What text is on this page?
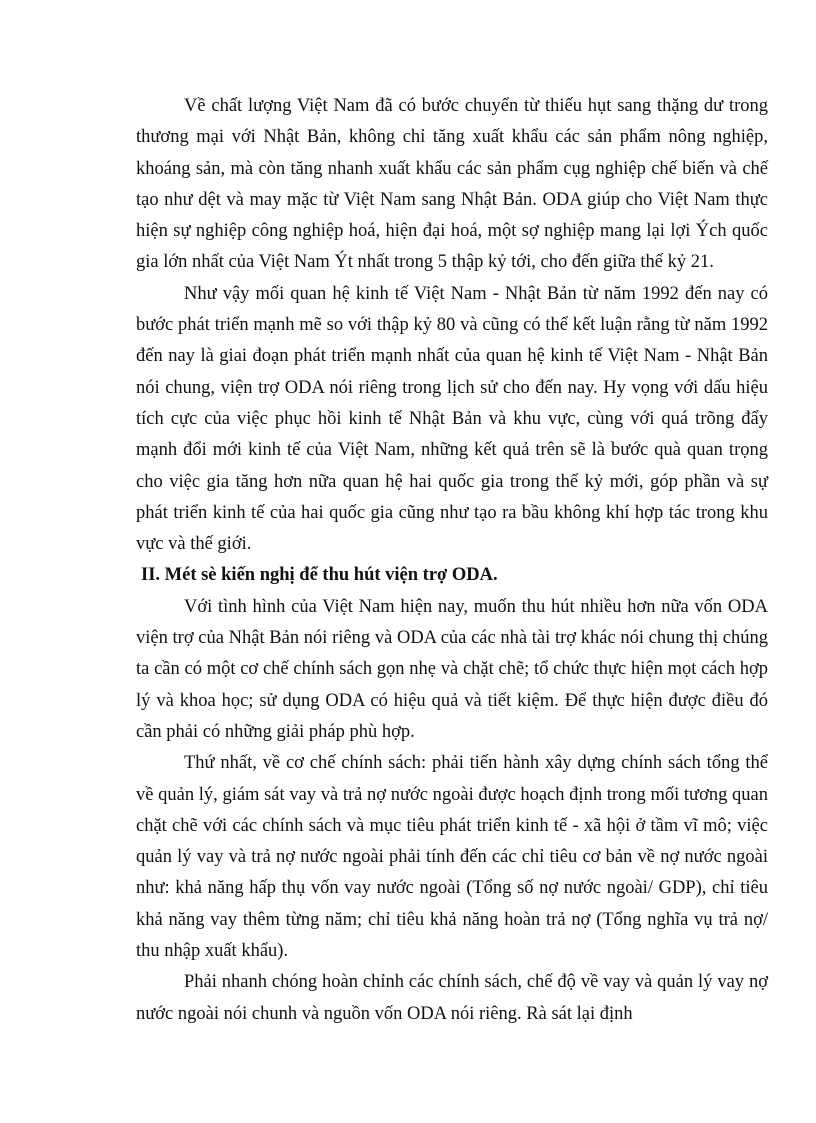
Về chất lượng Việt Nam đã có bước chuyển từ thiếu hụt sang thặng dư trong thương mại với Nhật Bản, không chỉ tăng xuất khẩu các sản phẩm nông nghiệp, khoáng sản, mà còn tăng nhanh xuất khẩu các sản phẩm cụg nghiệp chế biến và chế tạo như dệt và may mặc từ Việt Nam sang Nhật Bản. ODA giúp cho Việt Nam thực hiện sự nghiệp công nghiệp hoá, hiện đại hoá, một sợ nghiệp mang lại lợi Ých quốc gia lớn nhất của Việt Nam Ýt nhất trong 5 thập kỷ tới, cho đến giữa thế kỷ 21.

Như vậy mối quan hệ kinh tế Việt Nam - Nhật Bản từ năm 1992 đến nay có bước phát triển mạnh mẽ so với thập kỷ 80 và cũng có thể kết luận rằng từ năm 1992 đến nay là giai đoạn phát triển mạnh nhất của quan hệ kinh tế Việt Nam - Nhật Bản nói chung, viện trợ ODA nói riêng trong lịch sử cho đến nay. Hy vọng với dấu hiệu tích cực của việc phục hồi kinh tế Nhật Bản và khu vực, cùng với quá trõng đẩy mạnh đổi mới kinh tế của Việt Nam, những kết quả trên sẽ là bước quà quan trọng cho việc gia tăng hơn nữa quan hệ hai quốc gia trong thế kỷ mới, góp phần và sự phát triển kinh tế của hai quốc gia cũng như tạo ra bầu không khí hợp tác trong khu vực và thế giới.

II. Mét sè kiến nghị để thu hút viện trợ ODA.

Với tình hình của Việt Nam hiện nay, muốn thu hút nhiều hơn nữa vốn ODA viện trợ của Nhật Bản nói riêng và ODA của các nhà tài trợ khác nói chung thị chúng ta cần có một cơ chế chính sách gọn nhẹ và chặt chẽ; tổ chức thực hiện mọt cách hợp lý và khoa học; sử dụng ODA có hiệu quả và tiết kiệm. Để thực hiện được điều đó cần phải có những giải pháp phù hợp.

Thứ nhất, về cơ chế chính sách: phải tiến hành xây dựng chính sách tổng thể về quản lý, giám sát vay và trả nợ nước ngoài được hoạch định trong mối tương quan chặt chẽ với các chính sách và mục tiêu phát triển kinh tế - xã hội ở tầm vĩ mô; việc quản lý vay và trả nợ nước ngoài phải tính đến các chỉ tiêu cơ bản về nợ nước ngoài như: khả năng hấp thụ vốn vay nước ngoài (Tổng số nợ nước ngoài/ GDP), chỉ tiêu khả năng vay thêm từng năm; chỉ tiêu khả năng hoàn trả nợ (Tổng nghĩa vụ trả nợ/ thu nhập xuất khẩu).

Phải nhanh chóng hoàn chỉnh các chính sách, chế độ về vay và quản lý vay nợ nước ngoài nói chunh và nguồn vốn ODA nói riêng. Rà sát lại định
